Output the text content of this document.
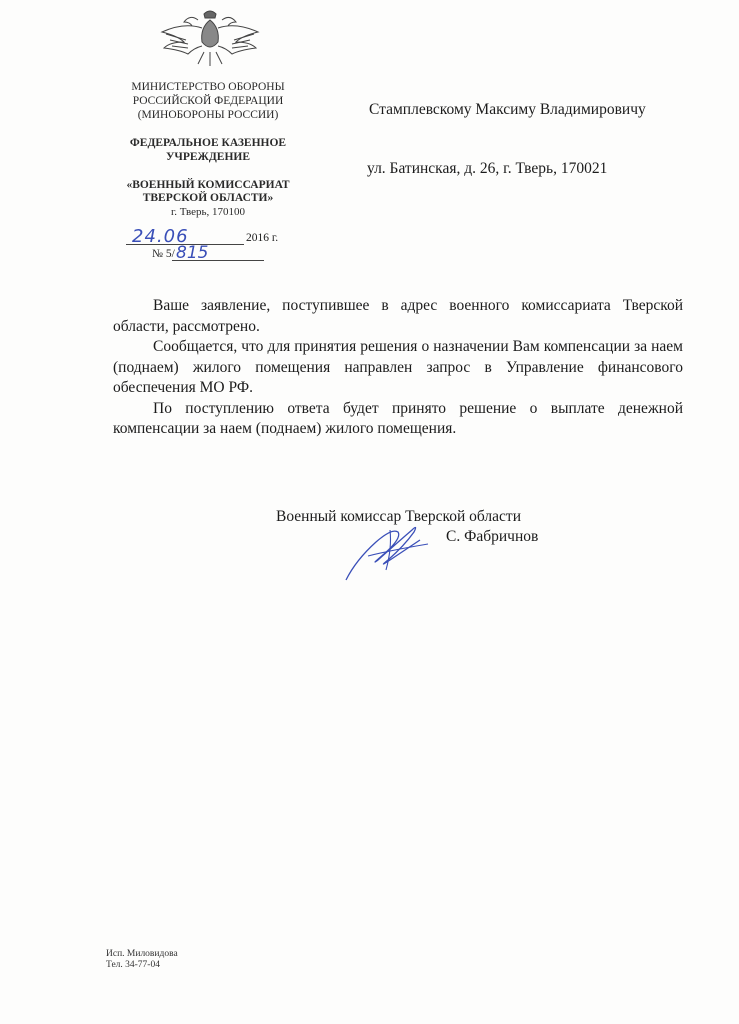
МИНИСТЕРСТВО ОБОРОНЫ
РОССИЙСКОЙ ФЕДЕРАЦИИ
(МИНОБОРОНЫ РОССИИ)
ФЕДЕРАЛЬНОЕ КАЗЕННОЕ
УЧРЕЖДЕНИЕ
«ВОЕННЫЙ КОМИССАРИАТ
ТВЕРСКОЙ ОБЛАСТИ»
г. Тверь, 170100
24.06	2016 г.
№ 5/ 815
Стамплевскому Максиму Владимировичу
ул. Батинская, д. 26, г. Тверь, 170021

Ваше заявление, поступившее в адрес военного комиссариата Тверской области, рассмотрено.

Сообщается, что для принятия решения о назначении Вам компенсации за наем (поднаем) жилого помещения направлен запрос в Управление финансового обеспечения МО РФ.

По поступлению ответа будет принято решение о выплате денежной компенсации за наем (поднаем) жилого помещения.

Военный комиссар Тверской области
С. Фабричнов
Исп. Миловидова
Тел. 34-77-04
